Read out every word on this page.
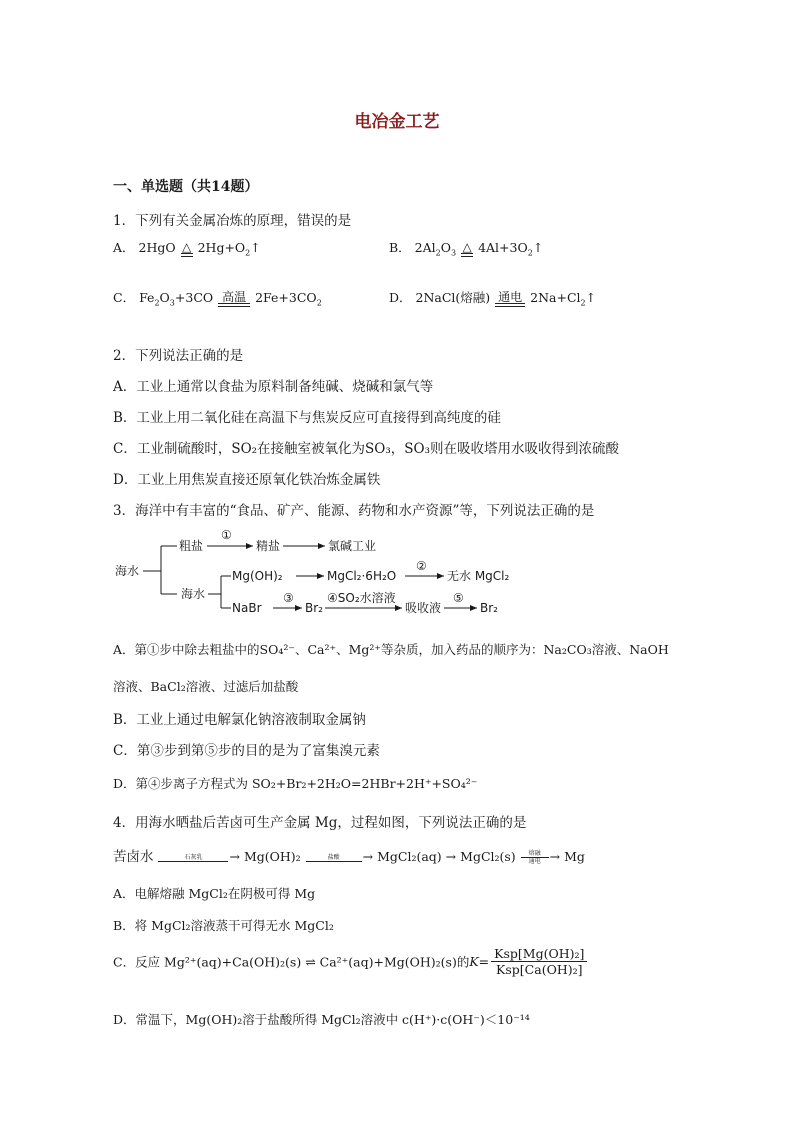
电冶金工艺
一、单选题（共14题）
1．下列有关金属冶炼的原理，错误的是
A． 2HgO △ $2Hg+O_2↑$	B． $2Al_2O_3$ △ $4Al+3O_2↑$
C． $Fe_2O_3+3CO$ 高温 $2Fe+3CO_2$	D． 2NaCl(熔融) 通电 $2Na+Cl_2↑$
2．下列说法正确的是
A．工业上通常以食盐为原料制备纯碱、烧碱和氯气等
B．工业上用二氧化硅在高温下与焦炭反应可直接得到高纯度的硅
C．工业制硫酸时，SO₂在接触室被氧化为SO₃，SO₃则在吸收塔用水吸收得到浓硫酸
D．工业上用焦炭直接还原氧化铁冶炼金属铁
3．海洋中有丰富的“食品、矿产、能源、药物和水产资源”等，下列说法正确的是
海水
粗盐
①
精盐	氯碱工业
海水
Mg(OH)₂	MgCl₂·6H₂O
②
无水 MgCl₂
NaBr
③
Br₂
④SO₂水溶液
吸收液
⑤
Br₂
A．第①步中除去粗盐中的SO₄²⁻、Ca²⁺、Mg²⁺等杂质，加入药品的顺序为：Na₂CO₃溶液、NaOH
溶液、BaCl₂溶液、过滤后加盐酸
B．工业上通过电解氯化钠溶液制取金属钠
C．第③步到第⑤步的目的是为了富集溴元素
D．第④步离子方程式为 SO₂+Br₂+2H₂O=2HBr+2H⁺+SO₄²⁻
4．用海水晒盐后苦卤可生产金属 Mg，过程如图，下列说法正确的是
苦卤水	石灰乳	→ Mg(OH)₂	盐酸	→ MgCl₂(aq) → MgCl₂(s)	熔融
通电 → Mg
A．电解熔融 MgCl₂在阴极可得 Mg
B．将 MgCl₂溶液蒸干可得无水 MgCl₂
C．反应 Mg²⁺(aq)+Ca(OH)₂(s) ⇌ Ca²⁺(aq)+Mg(OH)₂(s)的$K= \frac{\text{Ksp[Mg(OH)₂]}}{\text{Ksp[Ca(OH)₂]}}$
D．常温下，Mg(OH)₂溶于盐酸所得 MgCl₂溶液中 c(H⁺)·c(OH⁻)＜10⁻¹⁴
